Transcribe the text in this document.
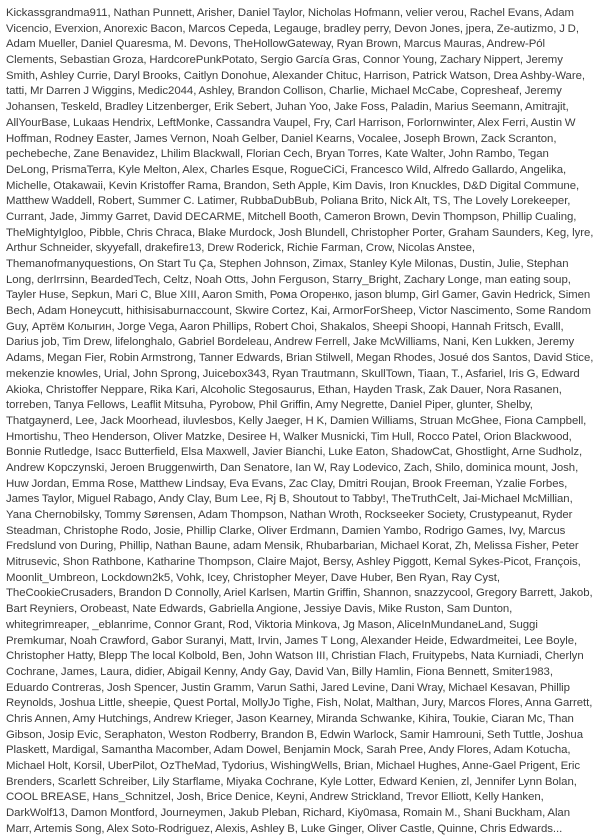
Kickassgrandma911, Nathan Punnett, Arisher, Daniel Taylor, Nicholas Hofmann, velier verou, Rachel Evans, Adam Vicencio, Everxion, Anorexic Bacon, Marcos Cepeda, Legauge, bradley perry, Devon Jones, jpera, Ze-autizmo, J D, Adam Mueller, Daniel Quaresma, M. Devons, TheHollowGateway, Ryan Brown, Marcus Mauras, Andrew-Pól Clements, Sebastian Groza, HardcorePunkPotato, Sergio García Gras, Connor Young, Zachary Nippert, Jeremy Smith, Ashley Currie, Daryl Brooks, Caitlyn Donohue, Alexander Chituc, Harrison, Patrick Watson, Drea Ashby-Ware, tatti, Mr Darren J Wiggins, Medic2044, Ashley, Brandon Collison, Charlie, Michael McCabe, Copresheaf, Jeremy Johansen, Teskeld, Bradley Litzenberger, Erik Sebert, Juhan Yoo, Jake Foss, Paladin, Marius Seemann, Amitrajit, AllYourBase, Lukaas Hendrix, LeftMonke, Cassandra Vaupel, Fry, Carl Harrison, Forlornwinter, Alex Ferri, Austin W Hoffman, Rodney Easter, James Vernon, Noah Gelber, Daniel Kearns, Vocalee, Joseph Brown, Zack Scranton, pechebeche, Zane Benavidez, Lhilim Blackwall, Florian Cech, Bryan Torres, Kate Walter, John Rambo, Tegan DeLong, PrismaTerra, Kyle Melton, Alex, Charles Esque, RogueCiCi, Francesco Wild, Alfredo Gallardo, Angelika, Michelle, Otakawaii, Kevin Kristoffer Rama, Brandon, Seth Apple, Kim Davis, Iron Knuckles, D&D Digital Commune, Matthew Waddell, Robert, Summer C. Latimer, RubbaDubBub, Poliana Brito, Nick Alt, TS, The Lovely Lorekeeper, Currant, Jade, Jimmy Garret, David DECARME, Mitchell Booth, Cameron Brown, Devin Thompson, Phillip Cualing, TheMightyIgloo, Pibble, Chris Chraca, Blake Murdock, Josh Blundell, Christopher Porter, Graham Saunders, Keg, lyre, Arthur Schneider, skyyefall, drakefire13, Drew Roderick, Richie Farman, Crow, Nicolas Anstee, Themanofmanyquestions, On Start Tu Ça, Stephen Johnson, Zimax, Stanley Kyle Milonas, Dustin, Julie, Stephan Long, derIrrsinn, BeardedTech, Celtz, Noah Otts, John Ferguson, Starry_Bright, Zachary Longe, man eating soup, Tayler Huse, Sepkun, Mari C, Blue XIII, Aaron Smith, Рома Огоренко, jason blump, Girl Gamer, Gavin Hedrick, Simen Bech, Adam Honeycutt, hithisisaburnaccount, Skwire Cortez, Kai, ArmorForSheep, Victor Nascimento, Some Random Guy, Артём Колыгин, Jorge Vega, Aaron Phillips, Robert Choi, Shakalos, Sheepi Shoopi, Hannah Fritsch, Evalll, Darius job, Tim Drew, lifelonghalo, Gabriel Bordeleau, Andrew Ferrell, Jake McWilliams, Nani, Ken Lukken, Jeremy Adams, Megan Fier, Robin Armstrong, Tanner Edwards, Brian Stilwell, Megan Rhodes, Josué dos Santos, David Stice, mekenzie knowles, Urial, John Sprong, Juicebox343, Ryan Trautmann, SkullTown, Tiaan, T., Asfariel, Iris G, Edward Akioka, Christoffer Neppare, Rika Kari, Alcoholic Stegosaurus, Ethan, Hayden Trask, Zak Dauer, Nora Rasanen, torreben, Tanya Fellows, Leaflit Mitsuha, Pyrobow, Phil Griffin, Amy Negrette, Daniel Piper, glunter, Shelby, Thatgaynerd, Lee, Jack Moorhead, iluvlesbos, Kelly Jaeger, H K, Damien Williams, Struan McGhee, Fiona Campbell, Hmortishu, Theo Henderson, Oliver Matzke, Desiree H, Walker Musnicki, Tim Hull, Rocco Patel, Orion Blackwood, Bonnie Rutledge, Isacc Butterfield, Elsa Maxwell, Javier Bianchi, Luke Eaton, ShadowCat, Ghostlight, Arne Sudholz, Andrew Kopczynski, Jeroen Bruggenwirth, Dan Senatore, Ian W, Ray Lodevico, Zach, Shilo, dominica mount, Josh, Huw Jordan, Emma Rose, Matthew Lindsay, Eva Evans, Zac Clay, Dmitri Roujan, Brook Freeman, Yzalie Forbes, James Taylor, Miguel Rabago, Andy Clay, Bum Lee, Rj B, Shoutout to Tabby!, TheTruthCelt, Jai-Michael McMillian, Yana Chernobilsky, Tommy Sørensen, Adam Thompson, Nathan Wroth, Rockseeker Society, Crustypeanut, Ryder Steadman, Christophe Rodo, Josie, Phillip Clarke, Oliver Erdmann, Damien Yambo, Rodrigo Games, Ivy, Marcus Fredslund von During, Phillip, Nathan Baune, adam Mensik, Rhubarbarian, Michael Korat, Zh, Melissa Fisher, Peter Mitrusevic, Shon Rathbone, Katharine Thompson, Claire Majot, Bersy, Ashley Piggott, Kemal Sykes-Picot, François, Moonlit_Umbreon, Lockdown2k5, Vohk, Icey, Christopher Meyer, Dave Huber, Ben Ryan, Ray Cyst, TheCookieCrusaders, Brandon D Connolly, Ariel Karlsen, Martin Griffin, Shannon, snazzycool, Gregory Barrett, Jakob, Bart Reyniers, Orobeast, Nate Edwards, Gabriella Angione, Jessiye Davis, Mike Ruston, Sam Dunton, whitegrimreaper, _eblanrime, Connor Grant, Rod, Viktoria Minkova, Jg Mason, AliceInMundaneLand, Suggi Premkumar, Noah Crawford, Gabor Suranyi, Matt, Irvin, James T Long, Alexander Heide, Edwardmeitei, Lee Boyle, Christopher Hatty, Blepp The local Kolbold, Ben, John Watson III, Christian Flach, Fruitypebs, Nata Kurniadi, Cherlyn Cochrane, James, Laura, didier, Abigail Kenny, Andy Gay, David Van, Billy Hamlin, Fiona Bennett, Smiter1983, Eduardo Contreras, Josh Spencer, Justin Gramm, Varun Sathi, Jared Levine, Dani Wray, Michael Kesavan, Phillip Reynolds, Joshua Little, sheepie, Quest Portal, MollyJo Tighe, Fish, Nolat, Malthan, Jury, Marcos Flores, Anna Garrett, Chris Annen, Amy Hutchings, Andrew Krieger, Jason Kearney, Miranda Schwanke, Kihira, Toukie, Ciaran Mc, Than Gibson, Josip Evic, Seraphaton, Weston Rodberry, Brandon B, Edwin Warlock, Samir Hamrouni, Seth Tuttle, Joshua Plaskett, Mardigal, Samantha Macomber, Adam Dowel, Benjamin Mock, Sarah Pree, Andy Flores, Adam Kotucha, Michael Holt, Korsil, UberPilot, OzTheMad, Tydorius, WishingWells, Brian, Michael Hughes, Anne-Gael Prigent, Eric Brenders, Scarlett Schreiber, Lily Starflame, Miyaka Cochrane, Kyle Lotter, Edward Kenien, zl, Jennifer Lynn Bolan, COOL BREASE, Hans_Schnitzel, Josh, Brice Denice, Keyni, Andrew Strickland, Trevor Elliott, Kelly Hanken, DarkWolf13, Damon Montford, Journeymen, Jakub Pleban, Richard, Kiy0masa, Romain M., Shani Buckham, Alan Marr, Artemis Song, Alex Soto-Rodriguez, Alexis, Ashley B, Luke Ginger, Oliver Castle, Quinne, Chris Edwards...
